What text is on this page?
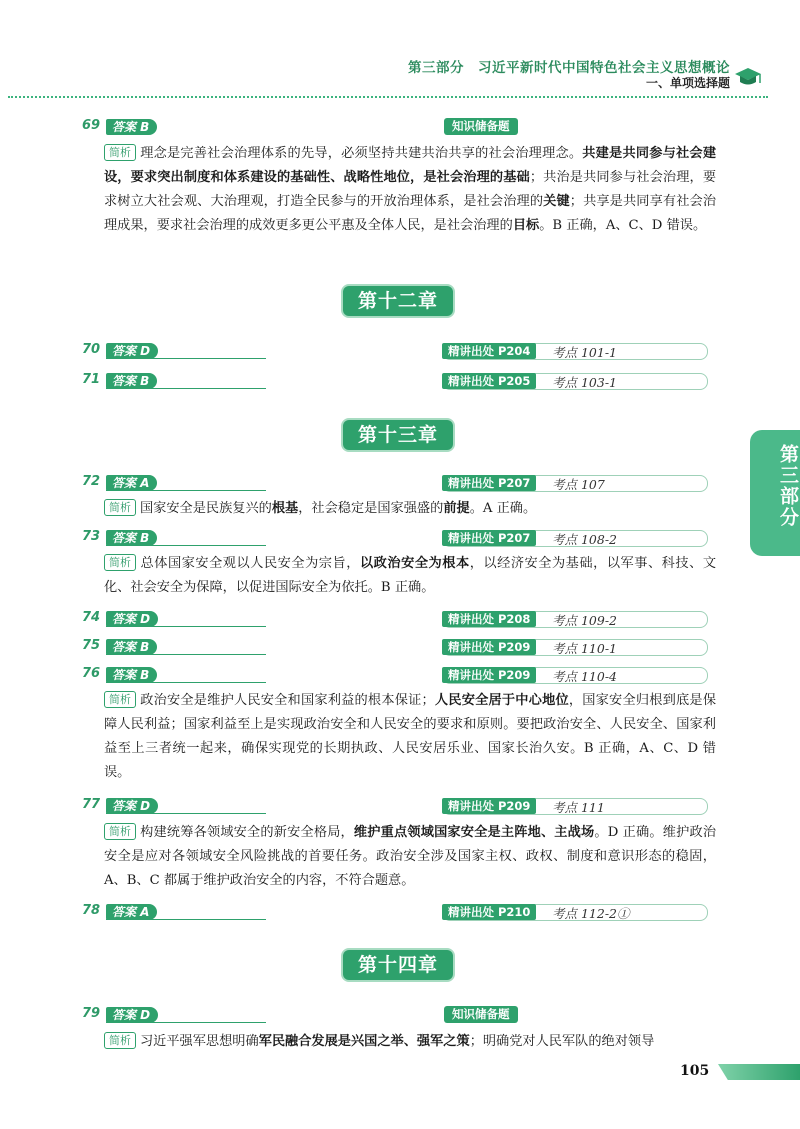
第三部分　习近平新时代中国特色社会主义思想概论
一、单项选择题
第三部分
69 答案 B	知识储备题
简析 理念是完善社会治理体系的先导，必须坚持共建共治共享的社会治理理念。共建是共同参与社会建设，要求突出制度和体系建设的基础性、战略性地位，是社会治理的基础；共治是共同参与社会治理，要求树立大社会观、大治理观，打造全民参与的开放治理体系，是社会治理的关键；共享是共同享有社会治理成果，要求社会治理的成效更多更公平惠及全体人民，是社会治理的目标。B 正确，A、C、D 错误。
第十二章
70 答案 D	精讲出处 P204	考点 101-1
71 答案 B	精讲出处 P205	考点 103-1
第十三章
72 答案 A	精讲出处 P207	考点 107
简析 国家安全是民族复兴的根基，社会稳定是国家强盛的前提。A 正确。
73 答案 B	精讲出处 P207	考点 108-2
简析 总体国家安全观以人民安全为宗旨，以政治安全为根本，以经济安全为基础，以军事、科技、文化、社会安全为保障，以促进国际安全为依托。B 正确。
74 答案 D	精讲出处 P208	考点 109-2
75 答案 B	精讲出处 P209	考点 110-1
76 答案 B	精讲出处 P209	考点 110-4
简析 政治安全是维护人民安全和国家利益的根本保证；人民安全居于中心地位，国家安全归根到底是保障人民利益；国家利益至上是实现政治安全和人民安全的要求和原则。要把政治安全、人民安全、国家利益至上三者统一起来，确保实现党的长期执政、人民安居乐业、国家长治久安。B 正确，A、C、D 错误。
77 答案 D	精讲出处 P209	考点 111
简析 构建统筹各领域安全的新安全格局，维护重点领域国家安全是主阵地、主战场。D 正确。维护政治安全是应对各领域安全风险挑战的首要任务。政治安全涉及国家主权、政权、制度和意识形态的稳固，A、B、C 都属于维护政治安全的内容，不符合题意。
78 答案 A	精讲出处 P210	考点 112-2①
第十四章
79 答案 D	知识储备题
简析 习近平强军思想明确军民融合发展是兴国之举、强军之策；明确党对人民军队的绝对领导
105
